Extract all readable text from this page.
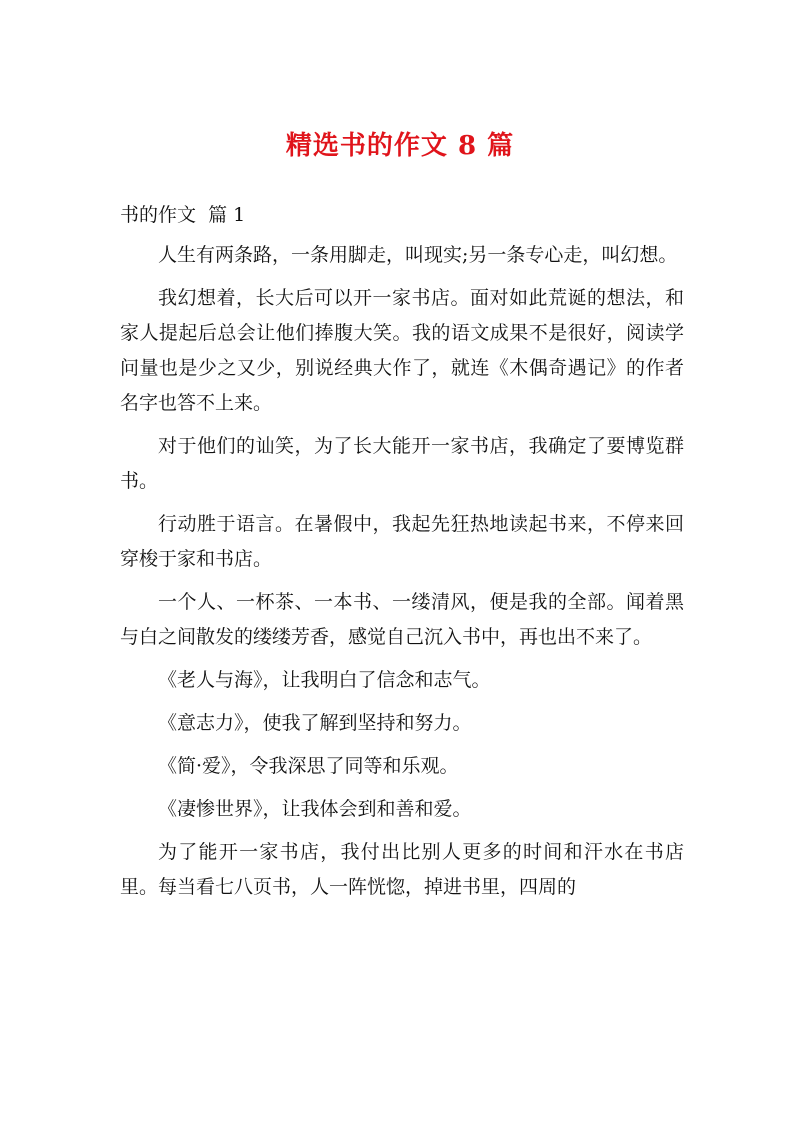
精选书的作文 8 篇
书的作文  篇 1

人生有两条路，一条用脚走，叫现实;另一条专心走，叫幻想。

我幻想着，长大后可以开一家书店。面对如此荒诞的想法，和家人提起后总会让他们捧腹大笑。我的语文成果不是很好，阅读学问量也是少之又少，别说经典大作了，就连《木偶奇遇记》的作者名字也答不上来。

对于他们的讪笑，为了长大能开一家书店，我确定了要博览群书。

行动胜于语言。在暑假中，我起先狂热地读起书来，不停来回穿梭于家和书店。

一个人、一杯茶、一本书、一缕清风，便是我的全部。闻着黑与白之间散发的缕缕芳香，感觉自己沉入书中，再也出不来了。

《老人与海》，让我明白了信念和志气。

《意志力》，使我了解到坚持和努力。

《简·爱》，令我深思了同等和乐观。

《凄惨世界》，让我体会到和善和爱。

为了能开一家书店，我付出比别人更多的时间和汗水在书店里。每当看七八页书，人一阵恍惚，掉进书里，四周的
